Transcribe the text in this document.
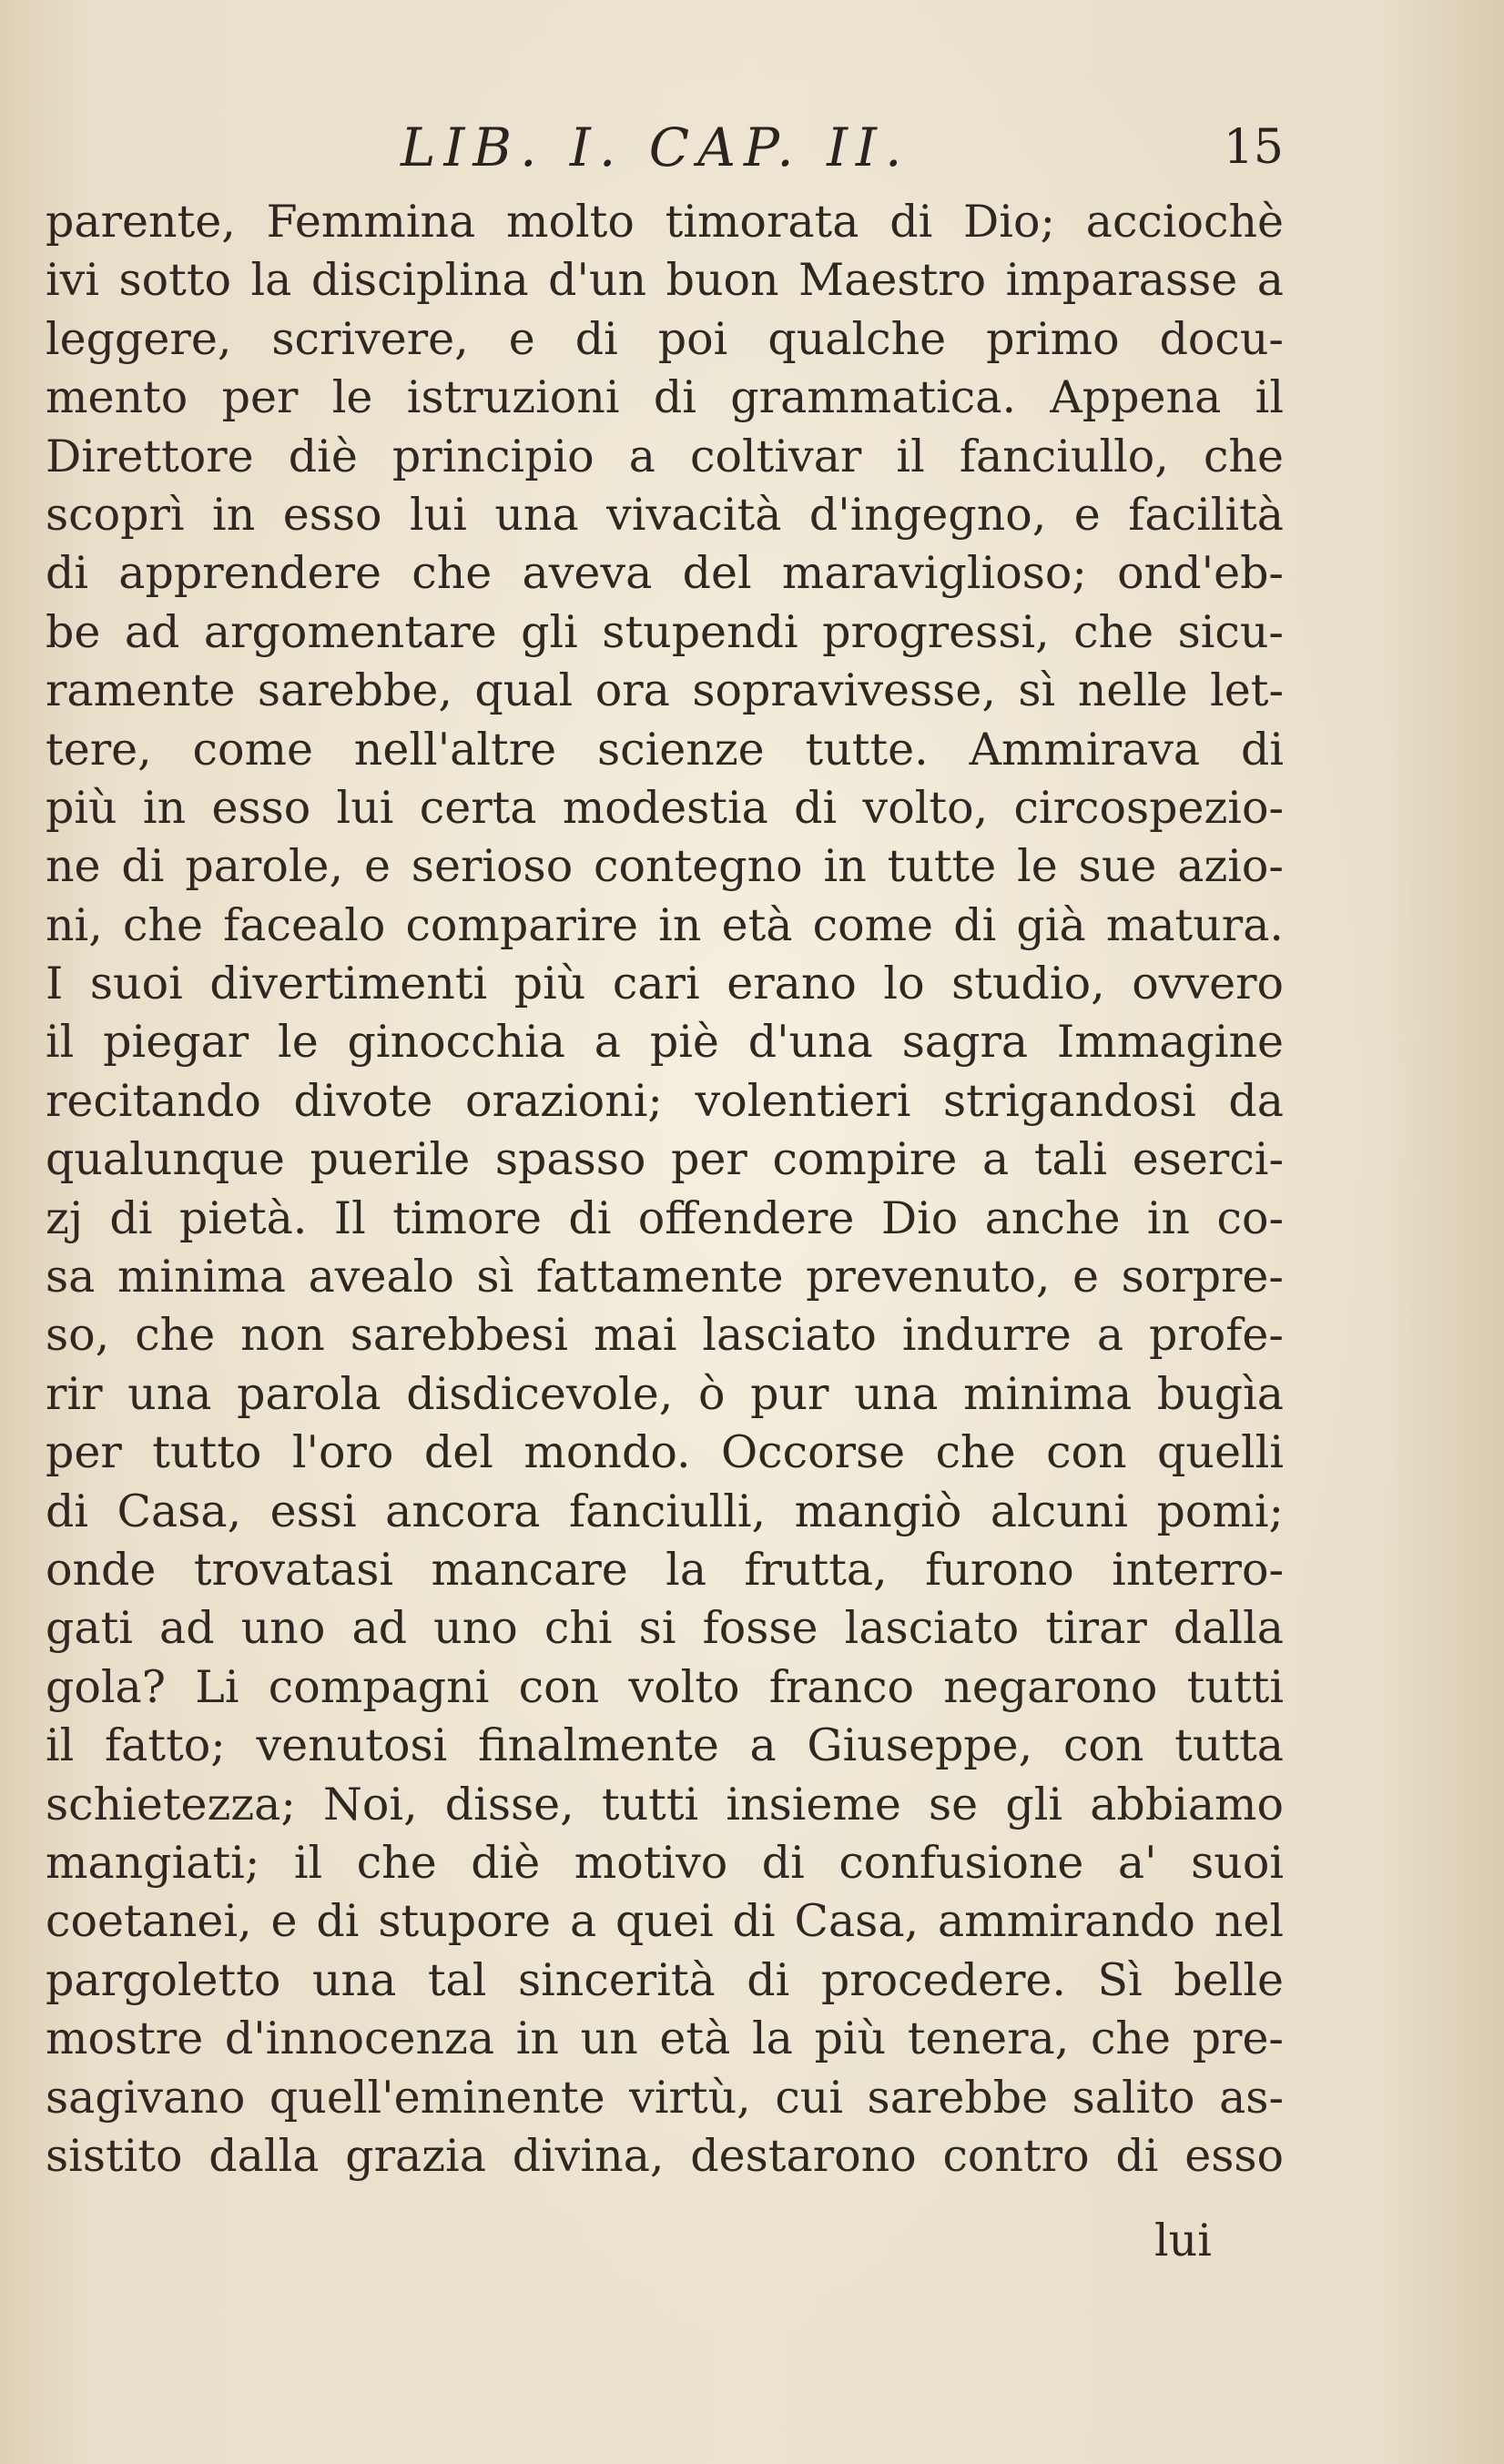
LIB. I. CAP. II.	15
parente, Femmina molto timorata di Dio; acciochè
ivi sotto la disciplina d'un buon Maestro imparasse a
leggere, scrivere, e di poi qualche primo docu-
mento per le istruzioni di grammatica. Appena il
Direttore diè principio a coltivar il fanciullo, che
scoprì in esso lui una vivacità d'ingegno, e facilità
di apprendere che aveva del maraviglioso; ond'eb-
be ad argomentare gli stupendi progressi, che sicu-
ramente sarebbe, qual ora sopravivesse, sì nelle let-
tere, come nell'altre scienze tutte. Ammirava di
più in esso lui certa modestia di volto, circospezio-
ne di parole, e serioso contegno in tutte le sue azio-
ni, che facealo comparire in età come di già matura.
I suoi divertimenti più cari erano lo studio, ovvero
il piegar le ginocchia a piè d'una sagra Immagine
recitando divote orazioni; volentieri strigandosi da
qualunque puerile spasso per compire a tali eserci-
zj di pietà. Il timore di offendere Dio anche in co-
sa minima avealo sì fattamente prevenuto, e sorpre-
so, che non sarebbesi mai lasciato indurre a profe-
rir una parola disdicevole, ò pur una minima bugìa
per tutto l'oro del mondo. Occorse che con quelli
di Casa, essi ancora fanciulli, mangiò alcuni pomi;
onde trovatasi mancare la frutta, furono interro-
gati ad uno ad uno chi si fosse lasciato tirar dalla
gola? Li compagni con volto franco negarono tutti
il fatto; venutosi finalmente a Giuseppe, con tutta
schietezza; Noi, disse, tutti insieme se gli abbiamo
mangiati; il che diè motivo di confusione a' suoi
coetanei, e di stupore a quei di Casa, ammirando nel
pargoletto una tal sincerità di procedere. Sì belle
mostre d'innocenza in un età la più tenera, che pre-
sagivano quell'eminente virtù, cui sarebbe salito as-
sistito dalla grazia divina, destarono contro di esso
lui
